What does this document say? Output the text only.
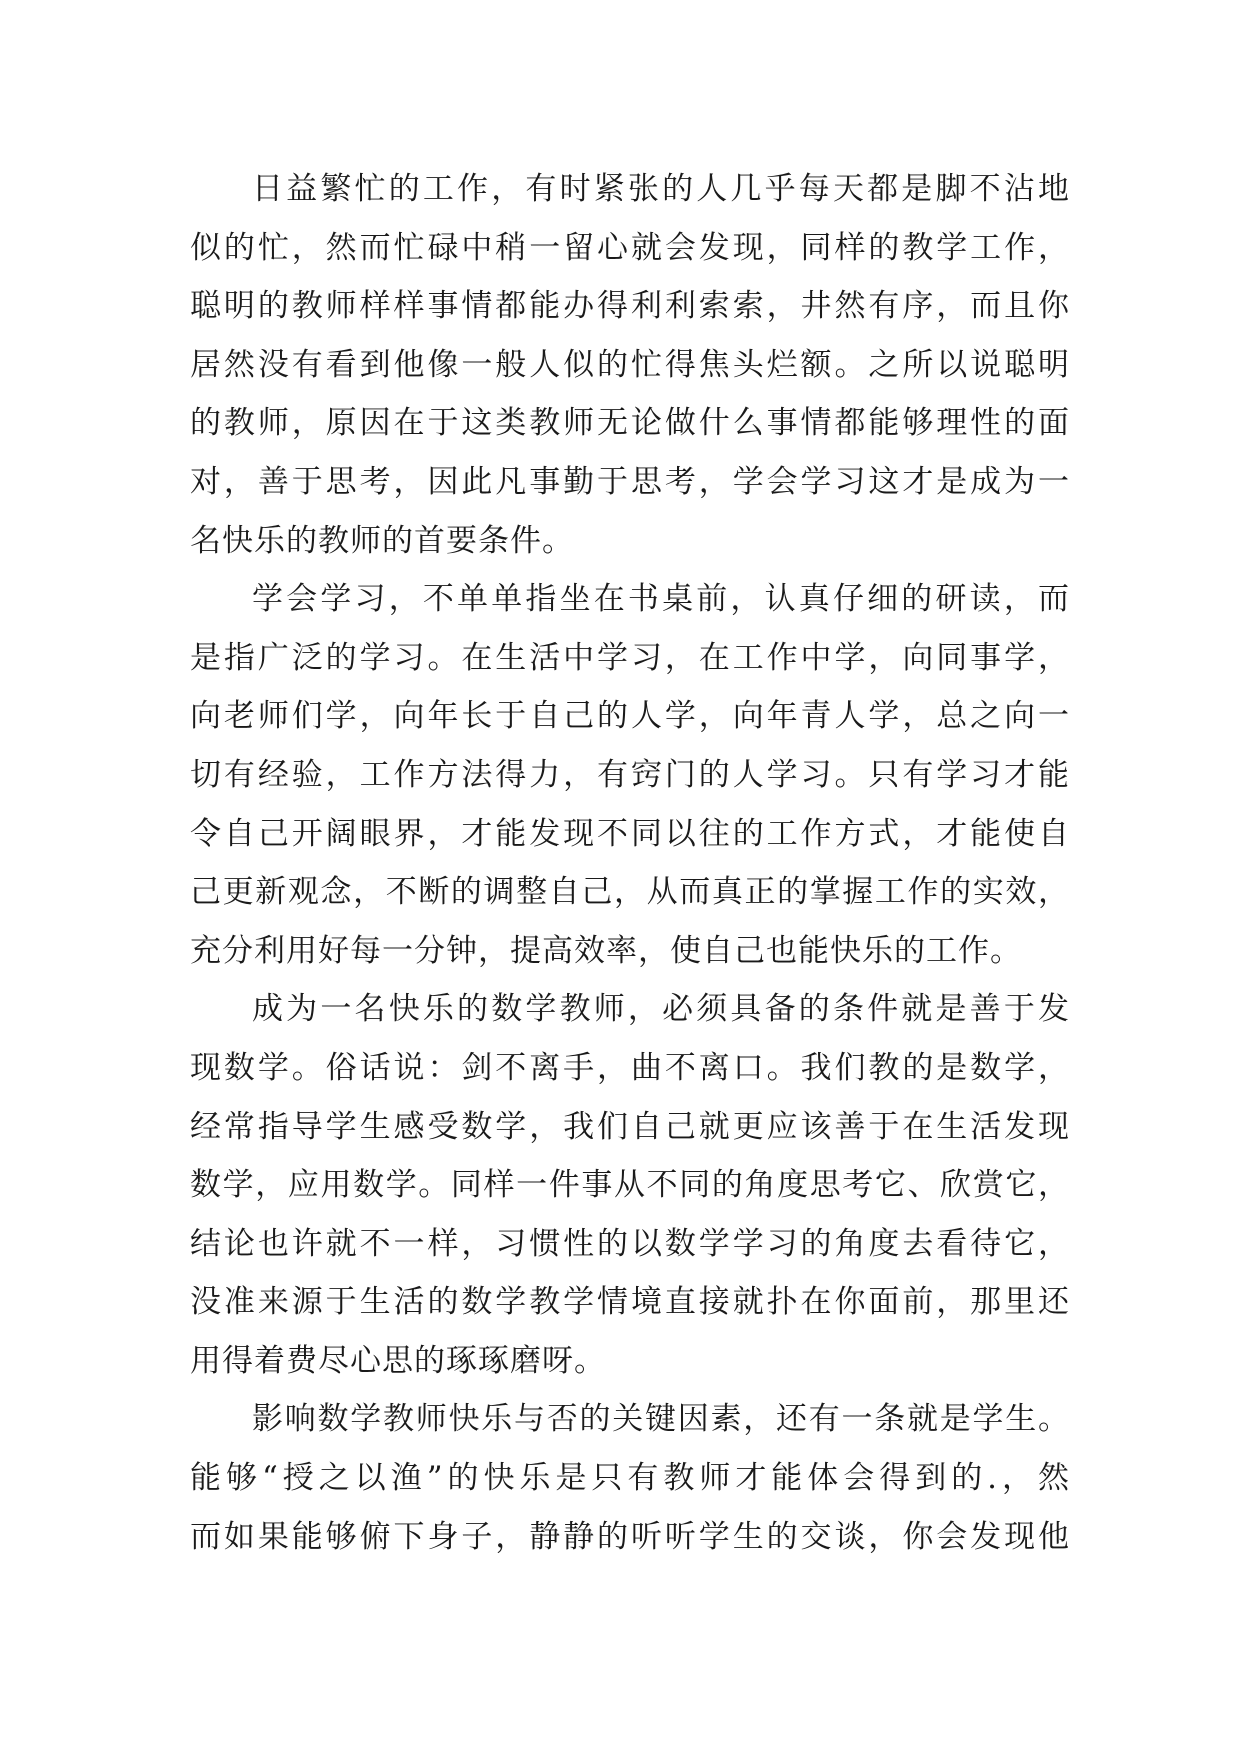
日益繁忙的工作，有时紧张的人几乎每天都是脚不沾地
似的忙，然而忙碌中稍一留心就会发现，同样的教学工作，
聪明的教师样样事情都能办得利利索索，井然有序，而且你
居然没有看到他像一般人似的忙得焦头烂额。之所以说聪明
的教师，原因在于这类教师无论做什么事情都能够理性的面
对，善于思考，因此凡事勤于思考，学会学习这才是成为一
名快乐的教师的首要条件。
学会学习，不单单指坐在书桌前，认真仔细的研读，而
是指广泛的学习。在生活中学习，在工作中学，向同事学，
向老师们学，向年长于自己的人学，向年青人学，总之向一
切有经验，工作方法得力，有窍门的人学习。只有学习才能
令自己开阔眼界，才能发现不同以往的工作方式，才能使自
己更新观念，不断的调整自己，从而真正的掌握工作的实效，
充分利用好每一分钟，提高效率，使自己也能快乐的工作。
成为一名快乐的数学教师，必须具备的条件就是善于发
现数学。俗话说：剑不离手，曲不离口。我们教的是数学，
经常指导学生感受数学，我们自己就更应该善于在生活发现
数学，应用数学。同样一件事从不同的角度思考它、欣赏它，
结论也许就不一样，习惯性的以数学学习的角度去看待它，
没准来源于生活的数学教学情境直接就扑在你面前，那里还
用得着费尽心思的琢琢磨呀。
影响数学教师快乐与否的关键因素，还有一条就是学生。
能够“授之以渔”的快乐是只有教师才能体会得到的.，然
而如果能够俯下身子，静静的听听学生的交谈，你会发现他
